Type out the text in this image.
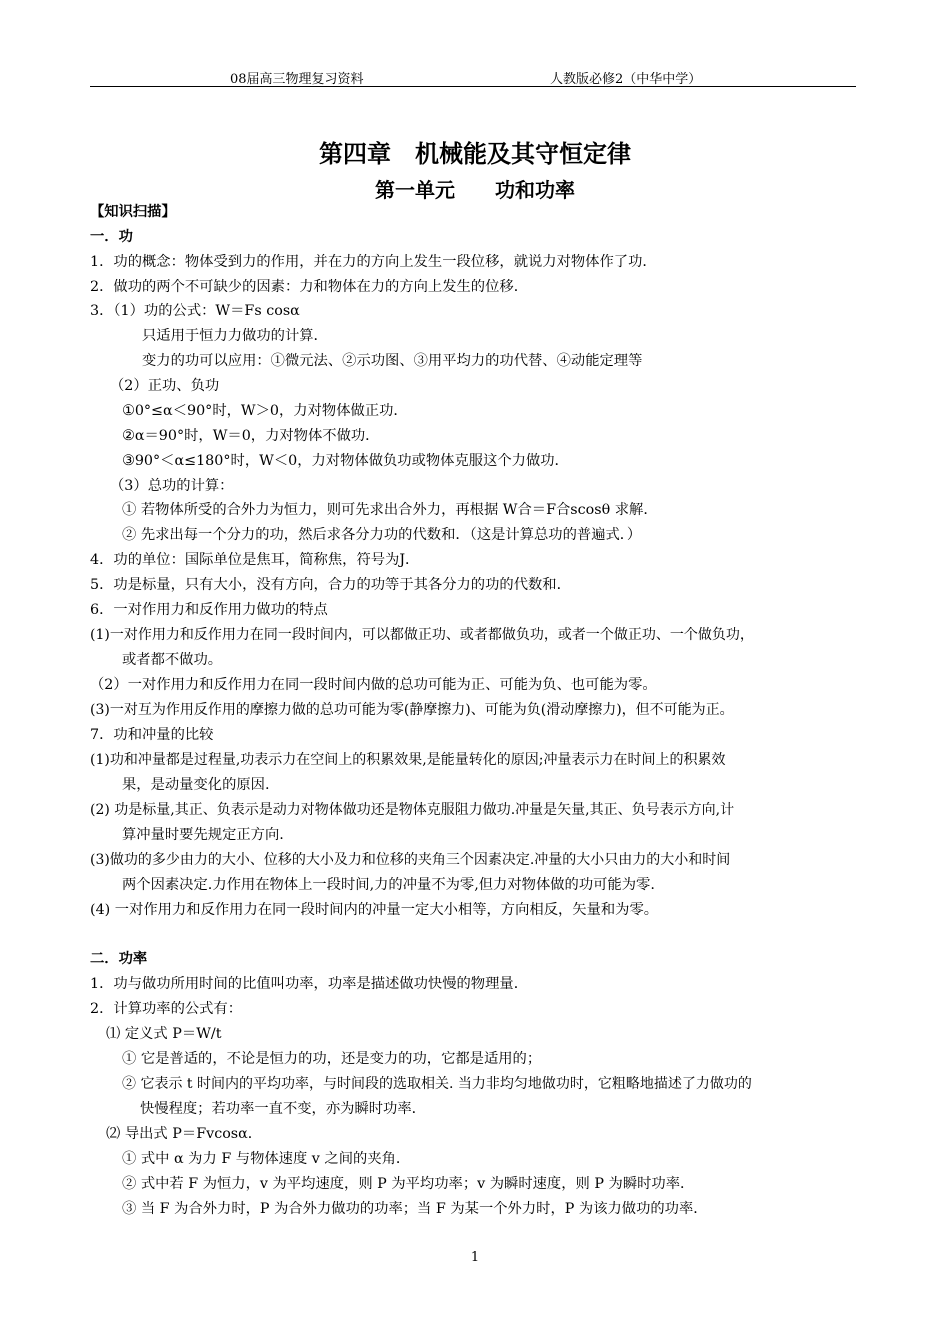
08届高三物理复习资料	人教版必修2（中华中学）
第四章　机械能及其守恒定律
第一单元　　功和功率
【知识扫描】
一．功
1．功的概念：物体受到力的作用，并在力的方向上发生一段位移，就说力对物体作了功．
2．做功的两个不可缺少的因素：力和物体在力的方向上发生的位移．
3．（1）功的公式：W＝Fs cosα
只适用于恒力力做功的计算．
变力的功可以应用：①微元法、②示功图、③用平均力的功代替、④动能定理等
（2）正功、负功
①0°≤α＜90°时，W＞0，力对物体做正功．
②α＝90°时，W＝0，力对物体不做功．
③90°＜α≤180°时，W＜0，力对物体做负功或物体克服这个力做功．
（3）总功的计算：
① 若物体所受的合外力为恒力，则可先求出合外力，再根据 W合＝F合scosθ 求解．
② 先求出每一个分力的功，然后求各分力功的代数和．（这是计算总功的普遍式．）
4．功的单位：国际单位是焦耳，简称焦，符号为J．
5．功是标量，只有大小，没有方向，合力的功等于其各分力的功的代数和．
6．一对作用力和反作用力做功的特点
(1)一对作用力和反作用力在同一段时间内，可以都做正功、或者都做负功，或者一个做正功、一个做负功，
或者都不做功。
（2）一对作用力和反作用力在同一段时间内做的总功可能为正、可能为负、也可能为零。
(3)一对互为作用反作用的摩擦力做的总功可能为零(静摩擦力)、可能为负(滑动摩擦力)，但不可能为正。
7．功和冲量的比较
(1)功和冲量都是过程量,功表示力在空间上的积累效果,是能量转化的原因;冲量表示力在时间上的积累效
果，是动量变化的原因.
(2) 功是标量,其正、负表示是动力对物体做功还是物体克服阻力做功.冲量是矢量,其正、负号表示方向,计
算冲量时要先规定正方向.
(3)做功的多少由力的大小、位移的大小及力和位移的夹角三个因素决定.冲量的大小只由力的大小和时间
两个因素决定.力作用在物体上一段时间,力的冲量不为零,但力对物体做的功可能为零.
(4) 一对作用力和反作用力在同一段时间内的冲量一定大小相等，方向相反，矢量和为零。
二．功率
1．功与做功所用时间的比值叫功率，功率是描述做功快慢的物理量．
2．计算功率的公式有：
⑴ 定义式 P＝W/t
① 它是普适的，不论是恒力的功，还是变力的功，它都是适用的；
② 它表示 t 时间内的平均功率，与时间段的选取相关. 当力非均匀地做功时，它粗略地描述了力做功的
快慢程度；若功率一直不变，亦为瞬时功率．
⑵ 导出式 P＝Fvcosα．
① 式中 α 为力 F 与物体速度 v 之间的夹角．
② 式中若 F 为恒力，v 为平均速度，则 P 为平均功率；v 为瞬时速度，则 P 为瞬时功率．
③ 当 F 为合外力时，P 为合外力做功的功率；当 F 为某一个外力时，P 为该力做功的功率．
1
